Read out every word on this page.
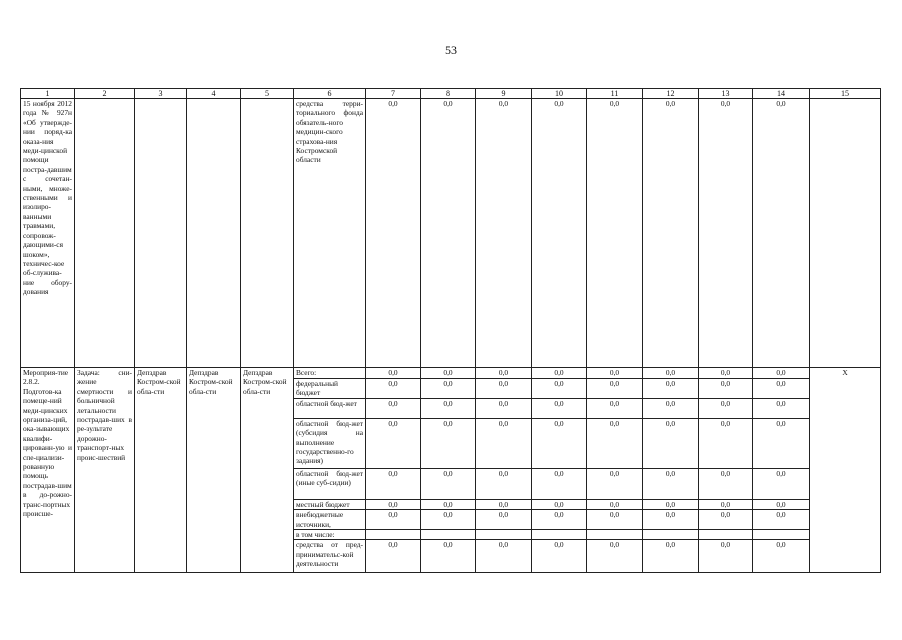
53
1	2	3	4	5	6	7	8	9	10	11	12	13	14	15
15 ноября 2012 года № 927н «Об утвержде-нии поряд-ка оказа-ния меди-цинской помощи постра-давшим с сочетан-ными, множе-ственными и изолиро-ванными травмами, сопровож-дающими-ся шоком», техничес-кое об-служива-ние обору-дования					средства терри-ториального фонда обязатель-ного медицин-ского страхова-ния Костромской области	0,0	0,0	0,0	0,0	0,0	0,0	0,0	0,0	
Мероприя-тие 2.8.2. Подготов-ка помеще-ний меди-цинских организа-ций, ока-зывающих квалифи-цированн-ую и спе-циализи-рованную помощь пострадав-шим в до-рожно-транс-портных происше-	Задача: сни-жение смертности и больничной летальности пострадав-ших в ре-зультате дорожно-транспорт-ных проис-шествий	Депздрав Костром-ской обла-сти	Депздрав Костром-ской обла-сти	Депздрав Костром-ской обла-сти	Всего:	0,0	0,0	0,0	0,0	0,0	0,0	0,0	0,0	Х
					федеральный бюджет	0,0	0,0	0,0	0,0	0,0	0,0	0,0	0,0	
					областной бюд-жет	0,0	0,0	0,0	0,0	0,0	0,0	0,0	0,0	
					областной бюд-жет (субсидия на выполнение государственно-го задания)	0,0	0,0	0,0	0,0	0,0	0,0	0,0	0,0	
					областной бюд-жет (иные суб-сидии)	0,0	0,0	0,0	0,0	0,0	0,0	0,0	0,0	
					местный бюджет	0,0	0,0	0,0	0,0	0,0	0,0	0,0	0,0	
					внебюджетные источники,	0,0	0,0	0,0	0,0	0,0	0,0	0,0	0,0	
					в том числе:									
					средства от пред-принимательс-кой деятельности	0,0	0,0	0,0	0,0	0,0	0,0	0,0	0,0	
